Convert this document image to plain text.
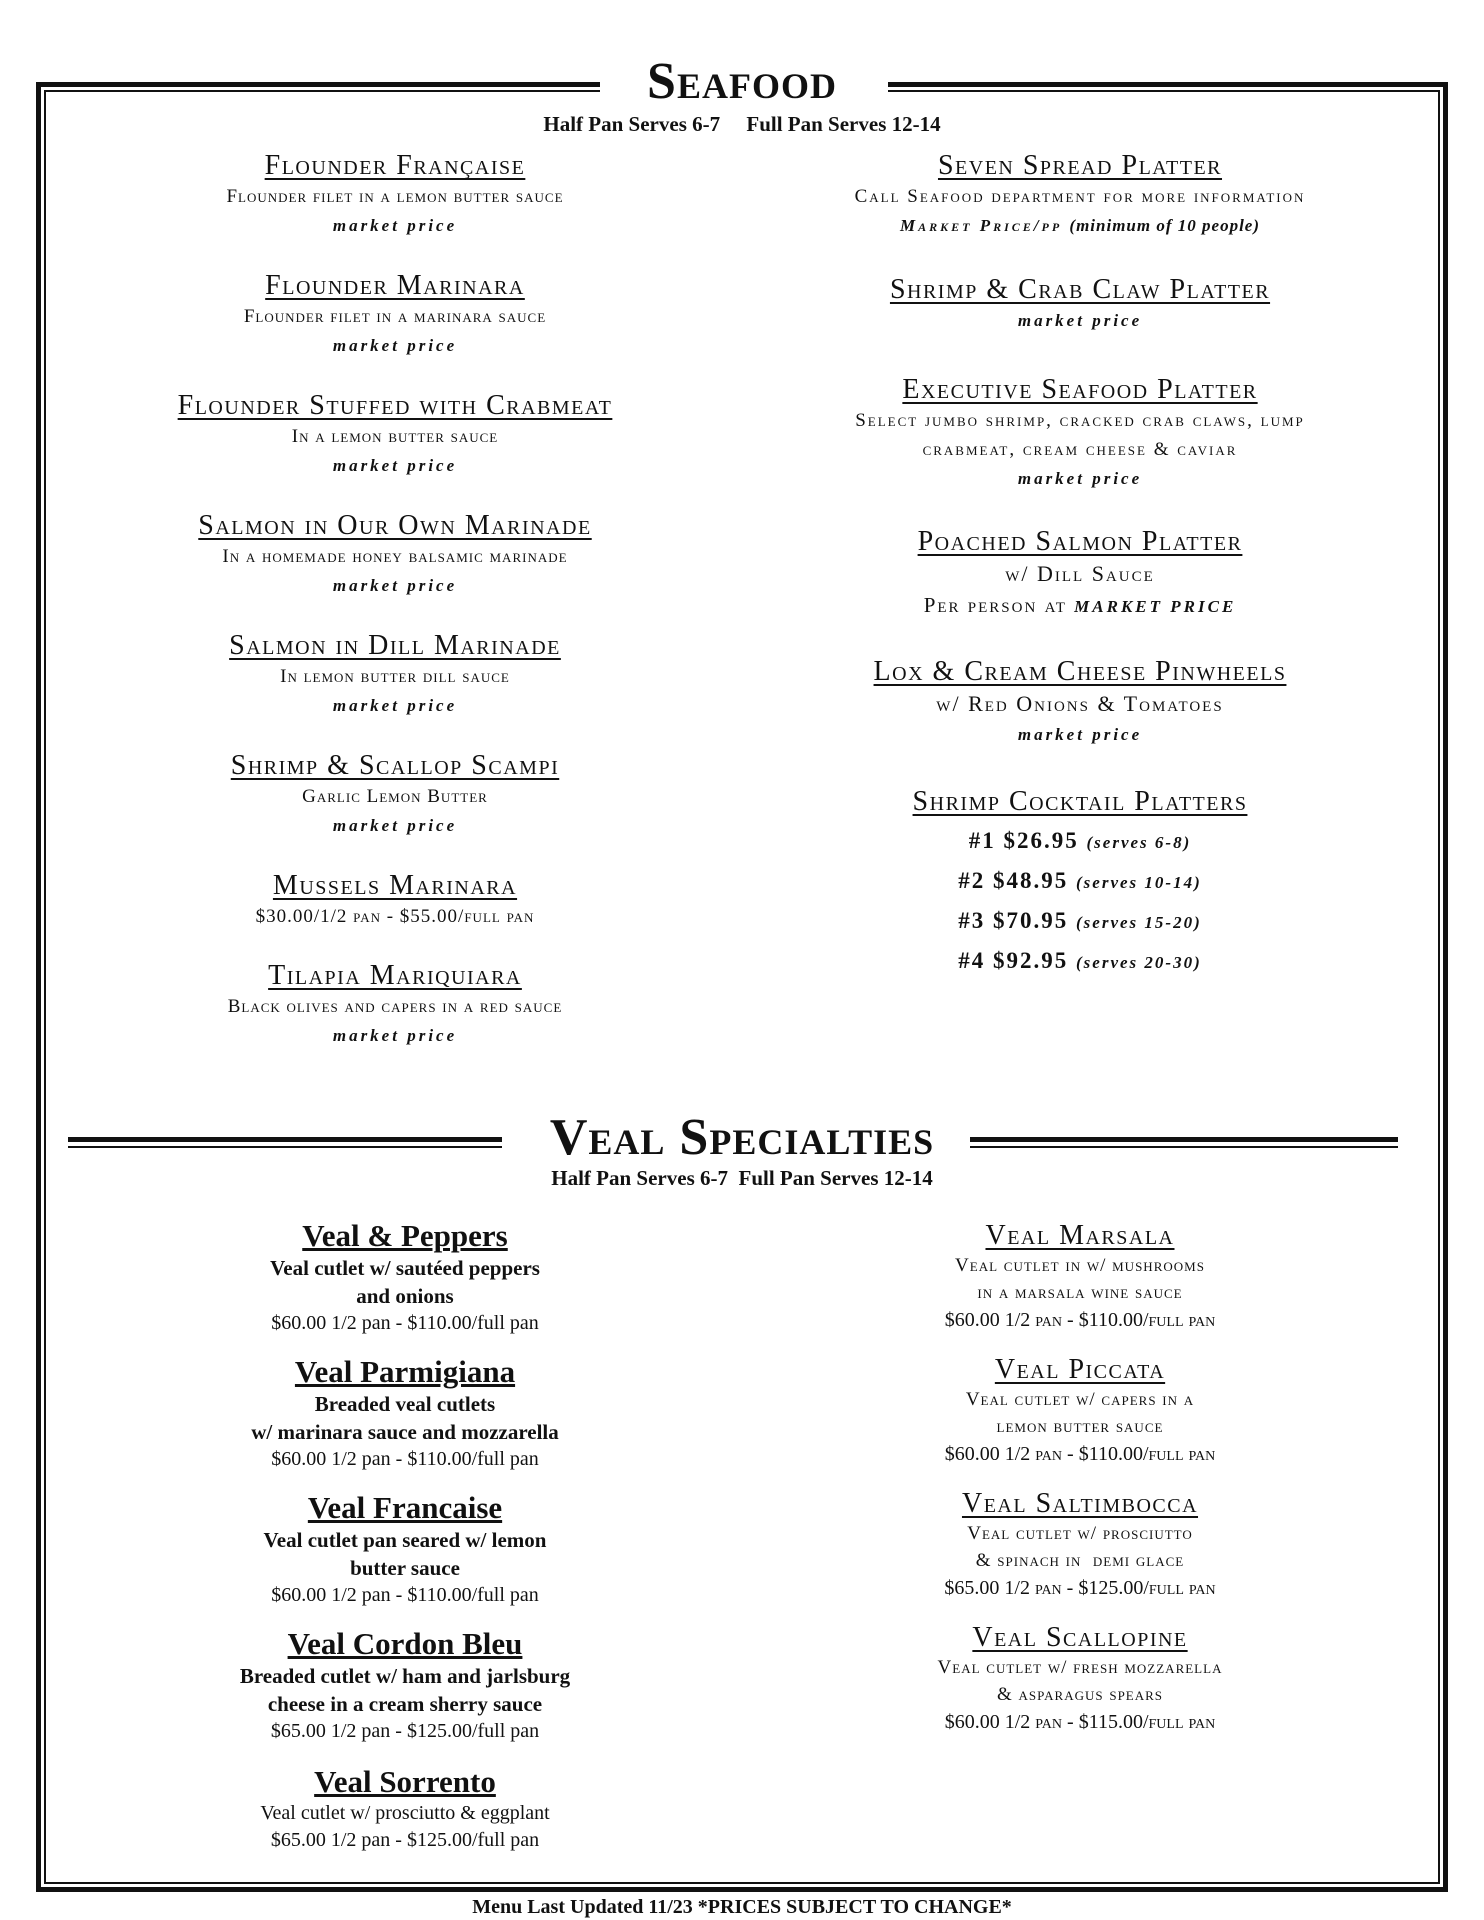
Seafood
Half Pan Serves 6-7     Full Pan Serves 12-14
Flounder Française
Flounder filet in a lemon butter sauce
market price
Flounder Marinara
Flounder filet in a marinara sauce
market price
Flounder Stuffed with Crabmeat
In a lemon butter sauce
market price
Salmon in Our Own Marinade
In a homemade honey balsamic marinade
market price
Salmon in Dill Marinade
In lemon butter dill sauce
market price
Shrimp & Scallop Scampi
Garlic Lemon Butter
market price
Mussels Marinara
$30.00/1/2 pan - $55.00/full pan
Tilapia Mariquiara
Black olives and capers in a red sauce
market price
Seven Spread Platter
Call Seafood department for more information
Market Price/pp (minimum of 10 people)
Shrimp & Crab Claw Platter
market price
Executive Seafood Platter
Select jumbo shrimp, cracked crab claws, lump
crabmeat, cream cheese & caviar
market price
Poached Salmon Platter
w/ Dill Sauce
Per person at MARKET PRICE
Lox & Cream Cheese Pinwheels
w/ Red Onions & Tomatoes
market price
Shrimp Cocktail Platters
#1 $26.95 (serves 6-8)
#2 $48.95 (serves 10-14)
#3 $70.95 (serves 15-20)
#4 $92.95 (serves 20-30)
Veal Specialties
Half Pan Serves 6-7  Full Pan Serves 12-14
Veal & Peppers
Veal cutlet w/ sautéed peppers
and onions
$60.00 1/2 pan - $110.00/full pan
Veal Parmigiana
Breaded veal cutlets
w/ marinara sauce and mozzarella
$60.00 1/2 pan - $110.00/full pan
Veal Francaise
Veal cutlet pan seared w/ lemon
butter sauce
$60.00 1/2 pan - $110.00/full pan
Veal Cordon Bleu
Breaded cutlet w/ ham and jarlsburg
cheese in a cream sherry sauce
$65.00 1/2 pan - $125.00/full pan
Veal Sorrento
Veal cutlet w/ prosciutto & eggplant
$65.00 1/2 pan - $125.00/full pan
Veal Marsala
Veal cutlet in w/ mushrooms
in a marsala wine sauce
$60.00 1/2 pan - $110.00/full pan
Veal Piccata
Veal cutlet w/ capers in a
lemon butter sauce
$60.00 1/2 pan - $110.00/full pan
Veal Saltimbocca
Veal cutlet w/ prosciutto
& spinach in  demi glace
$65.00 1/2 pan - $125.00/full pan
Veal Scallopine
Veal cutlet w/ fresh mozzarella
& asparagus spears
$60.00 1/2 pan - $115.00/full pan
Menu Last Updated 11/23 *PRICES SUBJECT TO CHANGE*
